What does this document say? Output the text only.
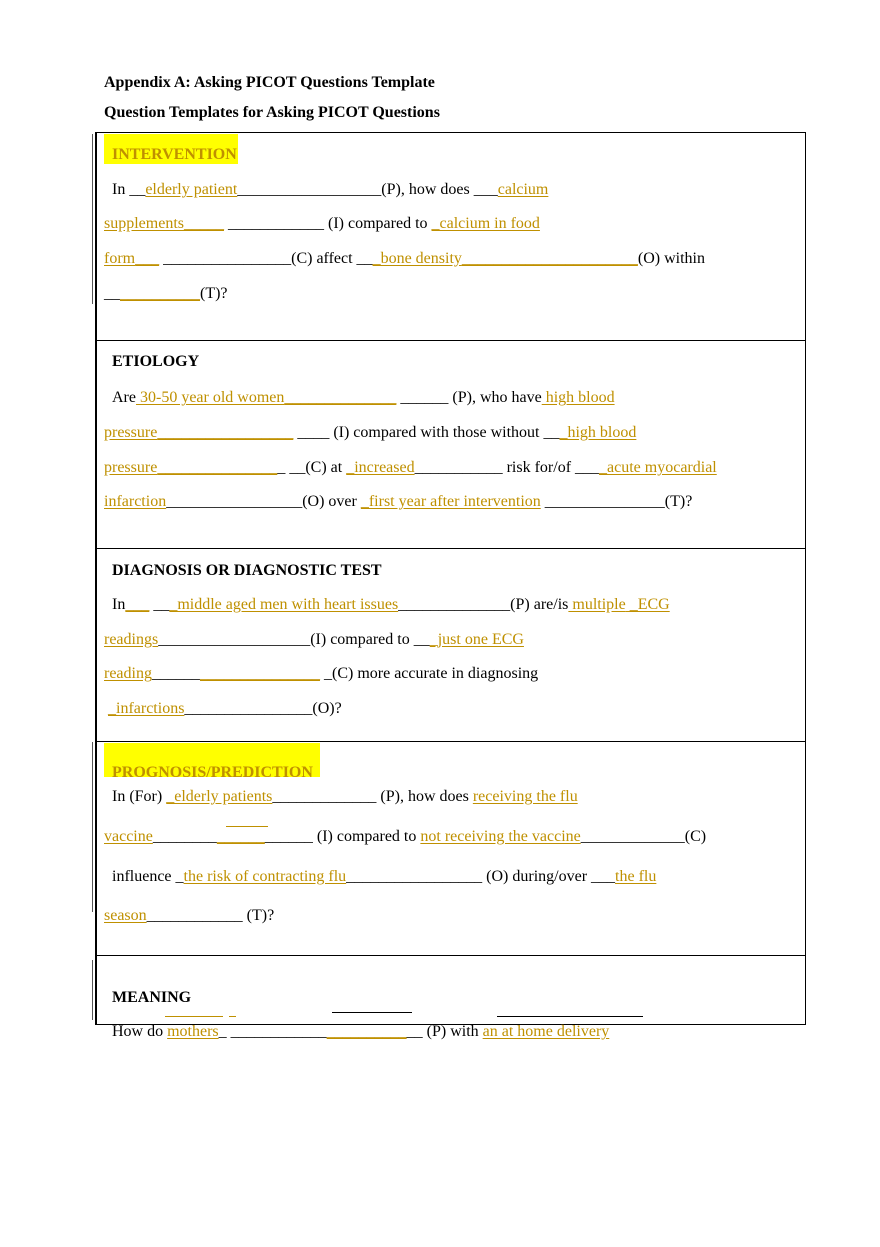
Appendix A: Asking PICOT Questions Template
Question Templates for Asking PICOT Questions
INTERVENTION
In __elderly patient__________________(P), how does ___calcium
supplements_____ ____________ (I) compared to _calcium in food
form___ ________________(C) affect ___bone density______________________(O) within
____________(T)?
ETIOLOGY
Are 30-50 year old women______________ ______ (P), who have high blood
pressure_________________ ____ (I) compared with those without ___high blood
pressure________________ __(C) at _increased___________ risk for/of ____acute myocardial
infarction_________________(O) over _first year after intervention _______________(T)?
DIAGNOSIS OR DIAGNOSTIC TEST
In___ ___middle aged men with heart issues______________(P) are/is multiple _ECG
readings___________________(I) compared to ___just one ECG
reading_____________________ _(C) more accurate in diagnosing
_infarctions________________(O)?
PROGNOSIS/PREDICTION
In (For) _elderly patients_____________ (P), how does receiving the flu
vaccine____________________ (I) compared to not receiving the vaccine_____________(C)
influence _the risk of contracting flu_________________ (O) during/over ___the flu
season____________ (T)?
MEANING
How do mothers_ ________________________ (P) with an at home delivery
